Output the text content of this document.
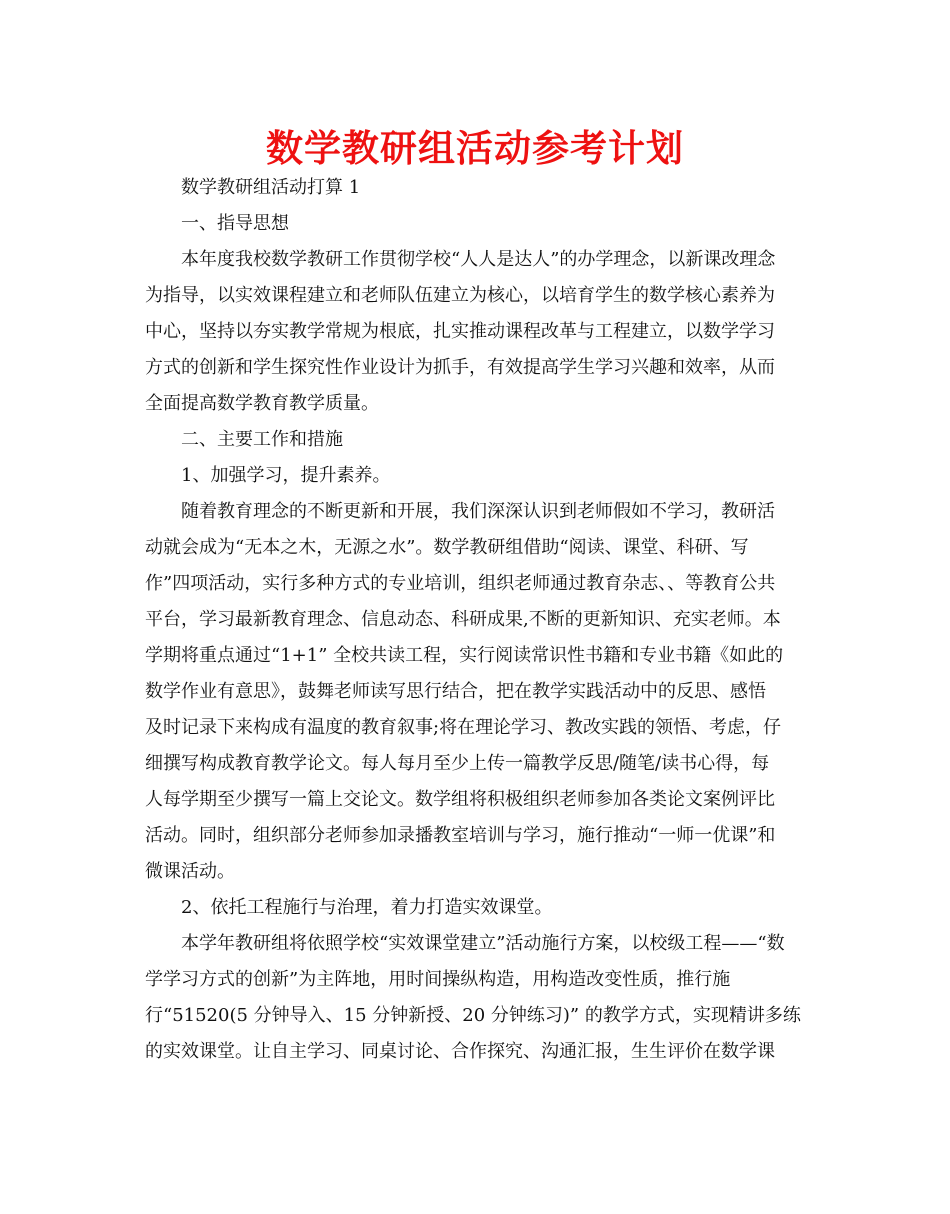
数学教研组活动参考计划
数学教研组活动打算 1
一、指导思想
本年度我校数学教研工作贯彻学校“人人是达人”的办学理念，以新课改理念
为指导，以实效课程建立和老师队伍建立为核心，以培育学生的数学核心素养为
中心，坚持以夯实教学常规为根底，扎实推动课程改革与工程建立，以数学学习
方式的创新和学生探究性作业设计为抓手，有效提高学生学习兴趣和效率，从而
全面提高数学教育教学质量。
二、主要工作和措施
1、加强学习，提升素养。
随着教育理念的不断更新和开展，我们深深认识到老师假如不学习，教研活
动就会成为“无本之木，无源之水”。数学教研组借助“阅读、课堂、科研、写
作”四项活动，实行多种方式的专业培训，组织老师通过教育杂志、、等教育公共
平台，学习最新教育理念、信息动态、科研成果,不断的更新知识、充实老师。本
学期将重点通过“1+1” 全校共读工程，实行阅读常识性书籍和专业书籍《如此的
数学作业有意思》，鼓舞老师读写思行结合，把在教学实践活动中的反思、感悟
及时记录下来构成有温度的教育叙事;将在理论学习、教改实践的领悟、考虑，仔
细撰写构成教育教学论文。每人每月至少上传一篇教学反思/随笔/读书心得，每
人每学期至少撰写一篇上交论文。数学组将积极组织老师参加各类论文案例评比
活动。同时，组织部分老师参加录播教室培训与学习，施行推动“一师一优课”和
微课活动。
2、依托工程施行与治理，着力打造实效课堂。
本学年教研组将依照学校“实效课堂建立”活动施行方案，以校级工程——“数
学学习方式的创新”为主阵地，用时间操纵构造，用构造改变性质，推行施
行“51520(5 分钟导入、15 分钟新授、20 分钟练习)” 的教学方式，实现精讲多练
的实效课堂。让自主学习、同桌讨论、合作探究、沟通汇报，生生评价在数学课
